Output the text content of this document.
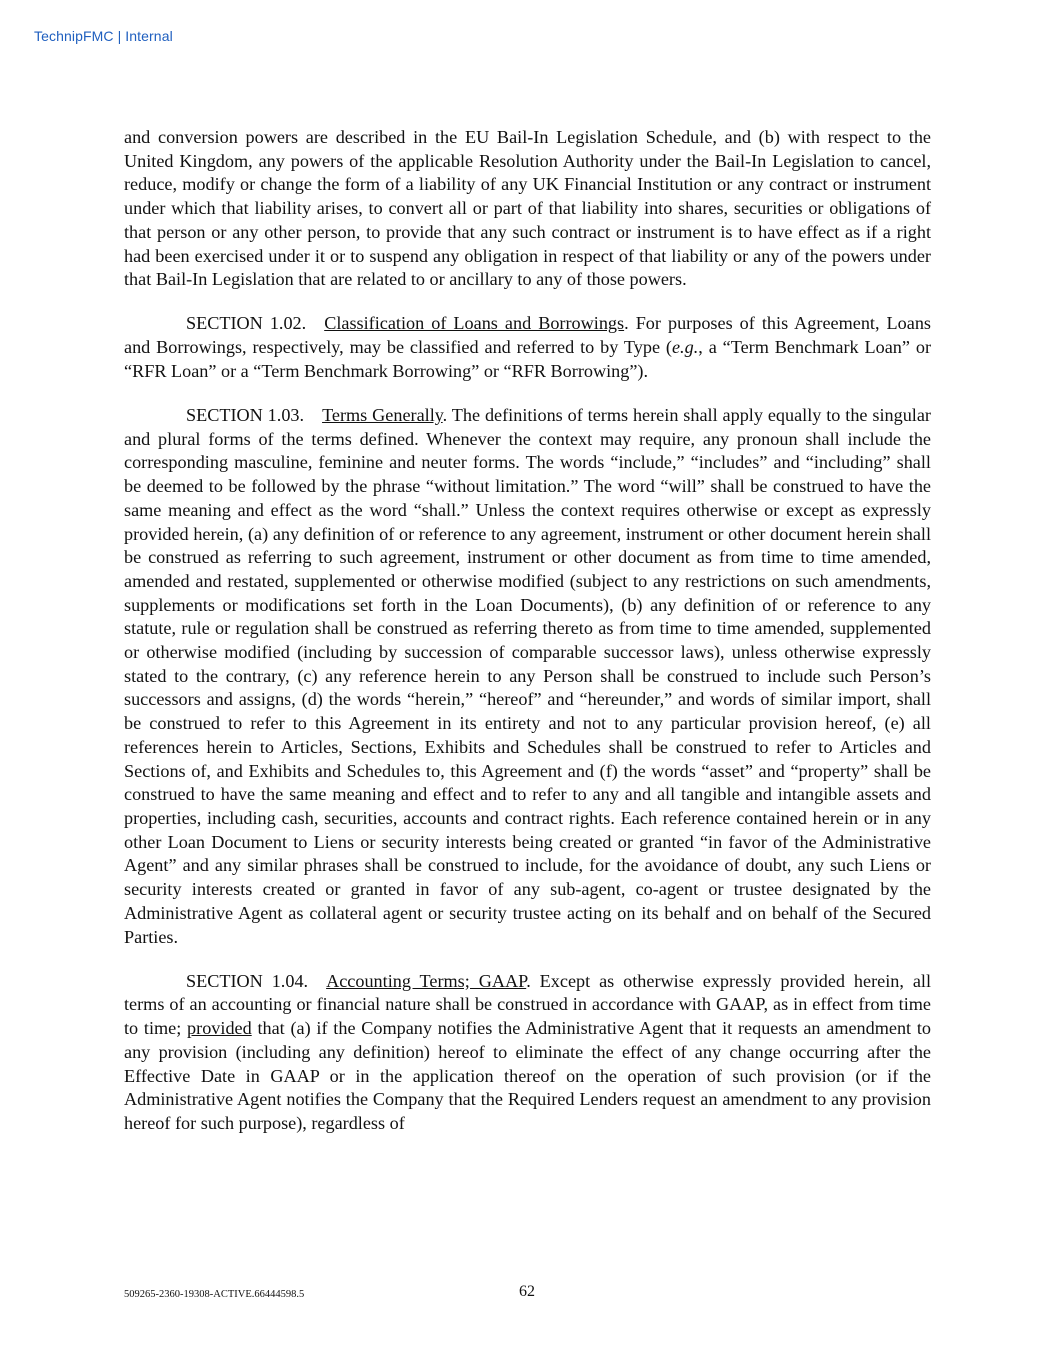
TechnipFMC | Internal

and conversion powers are described in the EU Bail-In Legislation Schedule, and (b) with respect to the United Kingdom, any powers of the applicable Resolution Authority under the Bail-In Legislation to cancel, reduce, modify or change the form of a liability of any UK Financial Institution or any contract or instrument under which that liability arises, to convert all or part of that liability into shares, securities or obligations of that person or any other person, to provide that any such contract or instrument is to have effect as if a right had been exercised under it or to suspend any obligation in respect of that liability or any of the powers under that Bail-In Legislation that are related to or ancillary to any of those powers.

SECTION 1.02. Classification of Loans and Borrowings. For purposes of this Agreement, Loans and Borrowings, respectively, may be classified and referred to by Type (e.g., a “Term Benchmark Loan” or “RFR Loan” or a “Term Benchmark Borrowing” or “RFR Borrowing”).

SECTION 1.03. Terms Generally. The definitions of terms herein shall apply equally to the singular and plural forms of the terms defined. Whenever the context may require, any pronoun shall include the corresponding masculine, feminine and neuter forms. The words “include,” “includes” and “including” shall be deemed to be followed by the phrase “without limitation.” The word “will” shall be construed to have the same meaning and effect as the word “shall.” Unless the context requires otherwise or except as expressly provided herein, (a) any definition of or reference to any agreement, instrument or other document herein shall be construed as referring to such agreement, instrument or other document as from time to time amended, amended and restated, supplemented or otherwise modified (subject to any restrictions on such amendments, supplements or modifications set forth in the Loan Documents), (b) any definition of or reference to any statute, rule or regulation shall be construed as referring thereto as from time to time amended, supplemented or otherwise modified (including by succession of comparable successor laws), unless otherwise expressly stated to the contrary, (c) any reference herein to any Person shall be construed to include such Person’s successors and assigns, (d) the words “herein,” “hereof” and “hereunder,” and words of similar import, shall be construed to refer to this Agreement in its entirety and not to any particular provision hereof, (e) all references herein to Articles, Sections, Exhibits and Schedules shall be construed to refer to Articles and Sections of, and Exhibits and Schedules to, this Agreement and (f) the words “asset” and “property” shall be construed to have the same meaning and effect and to refer to any and all tangible and intangible assets and properties, including cash, securities, accounts and contract rights. Each reference contained herein or in any other Loan Document to Liens or security interests being created or granted “in favor of the Administrative Agent” and any similar phrases shall be construed to include, for the avoidance of doubt, any such Liens or security interests created or granted in favor of any sub-agent, co-agent or trustee designated by the Administrative Agent as collateral agent or security trustee acting on its behalf and on behalf of the Secured Parties.

SECTION 1.04. Accounting Terms; GAAP. Except as otherwise expressly provided herein, all terms of an accounting or financial nature shall be construed in accordance with GAAP, as in effect from time to time; provided that (a) if the Company notifies the Administrative Agent that it requests an amendment to any provision (including any definition) hereof to eliminate the effect of any change occurring after the Effective Date in GAAP or in the application thereof on the operation of such provision (or if the Administrative Agent notifies the Company that the Required Lenders request an amendment to any provision hereof for such purpose), regardless of

509265-2360-19308-ACTIVE.66444598.5	62
